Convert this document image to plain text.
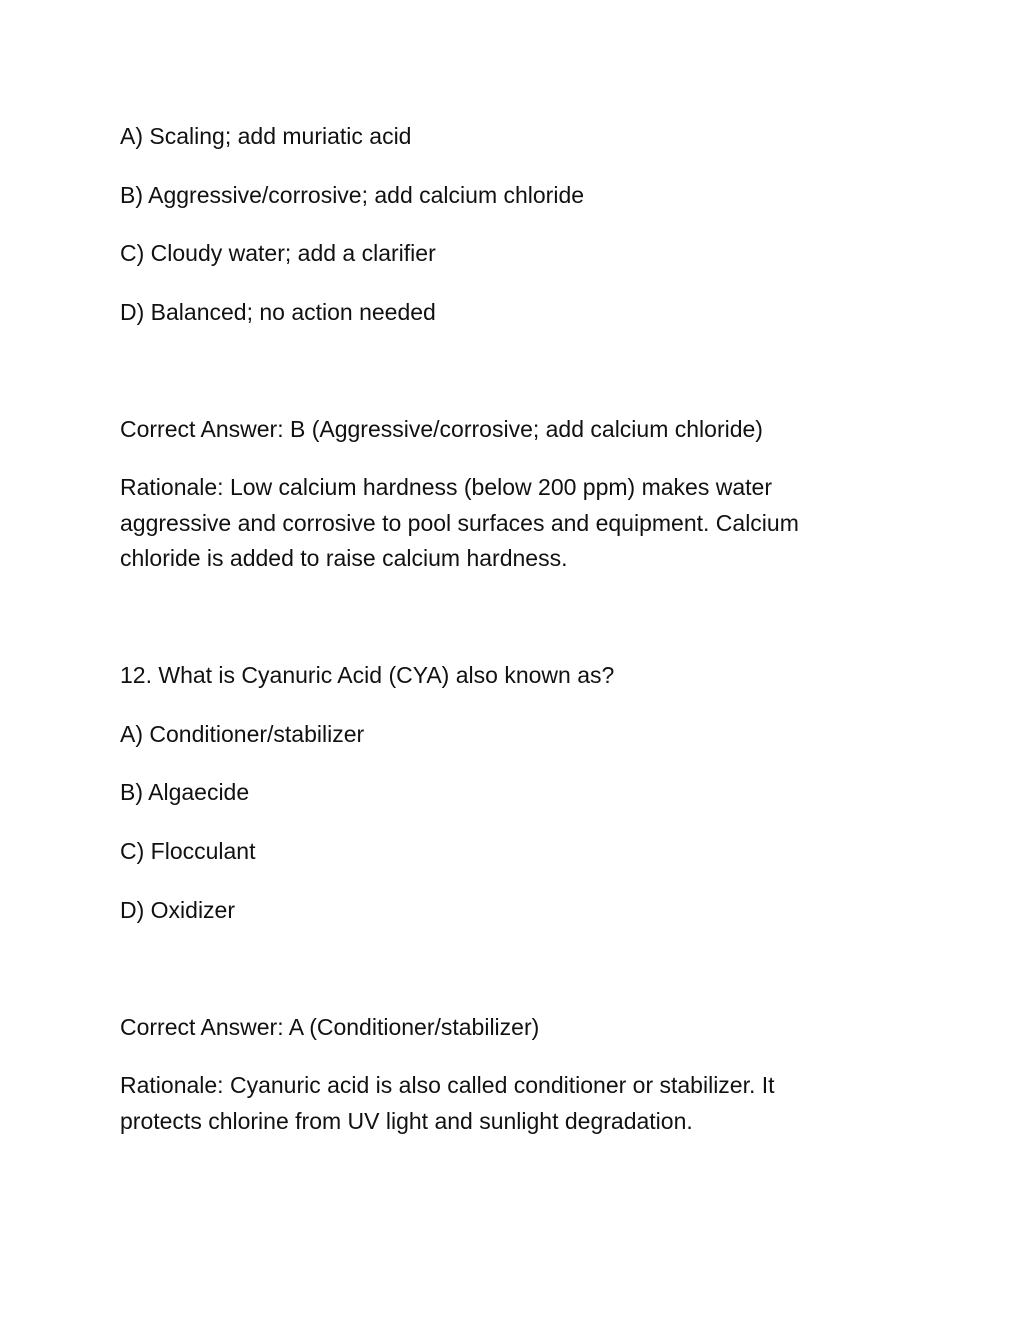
A) Scaling; add muriatic acid
B) Aggressive/corrosive; add calcium chloride
C) Cloudy water; add a clarifier
D) Balanced; no action needed
Correct Answer: B (Aggressive/corrosive; add calcium chloride)
Rationale: Low calcium hardness (below 200 ppm) makes water aggressive and corrosive to pool surfaces and equipment. Calcium chloride is added to raise calcium hardness.
12. What is Cyanuric Acid (CYA) also known as?
A) Conditioner/stabilizer
B) Algaecide
C) Flocculant
D) Oxidizer
Correct Answer: A (Conditioner/stabilizer)
Rationale: Cyanuric acid is also called conditioner or stabilizer. It protects chlorine from UV light and sunlight degradation.
